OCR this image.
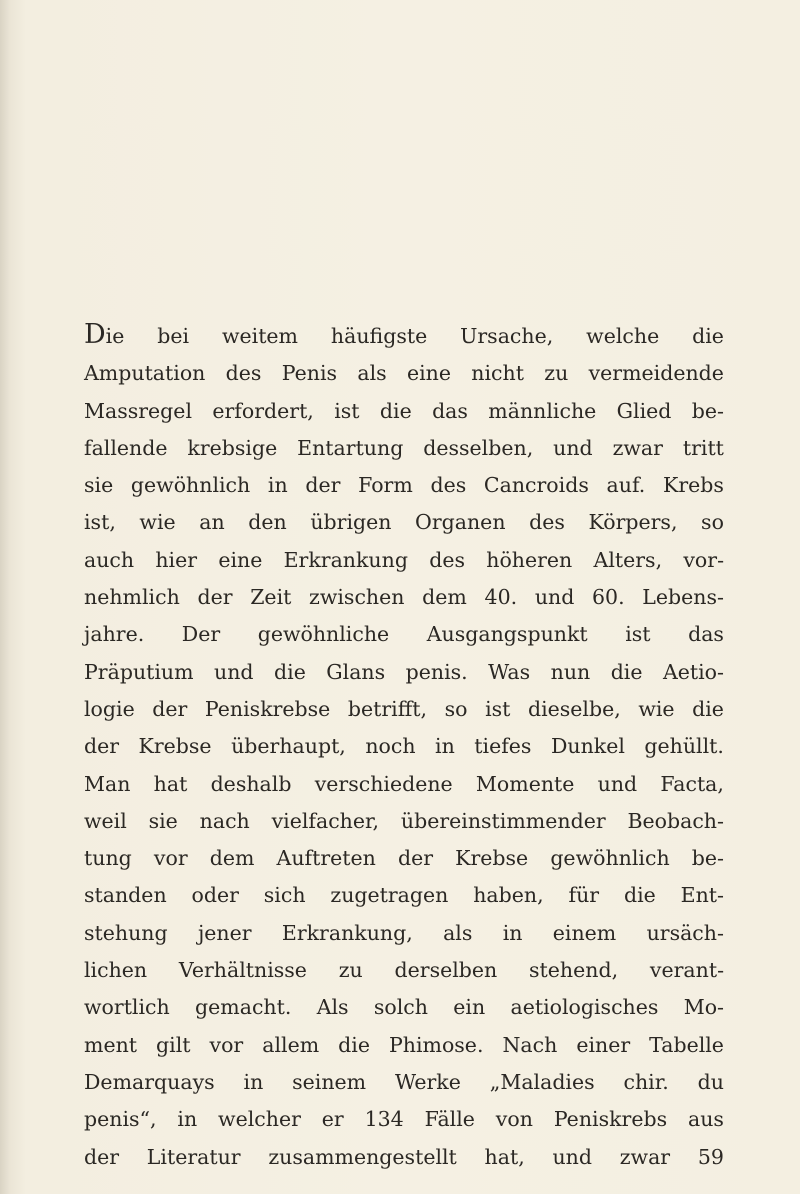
Die bei weitem häufigste Ursache, welche die
Amputation des Penis als eine nicht zu vermeidende
Massregel erfordert, ist die das männliche Glied be-
fallende krebsige Entartung desselben, und zwar tritt
sie gewöhnlich in der Form des Cancroids auf. Krebs
ist, wie an den übrigen Organen des Körpers, so
auch hier eine Erkrankung des höheren Alters, vor-
nehmlich der Zeit zwischen dem 40. und 60. Lebens-
jahre. Der gewöhnliche Ausgangspunkt ist das
Präputium und die Glans penis. Was nun die Aetio-
logie der Peniskrebse betrifft, so ist dieselbe, wie die
der Krebse überhaupt, noch in tiefes Dunkel gehüllt.
Man hat deshalb verschiedene Momente und Facta,
weil sie nach vielfacher, übereinstimmender Beobach-
tung vor dem Auftreten der Krebse gewöhnlich be-
standen oder sich zugetragen haben, für die Ent-
stehung jener Erkrankung, als in einem ursäch-
lichen Verhältnisse zu derselben stehend, verant-
wortlich gemacht. Als solch ein aetiologisches Mo-
ment gilt vor allem die Phimose. Nach einer Tabelle
Demarquays in seinem Werke „Maladies chir. du
penis“, in welcher er 134 Fälle von Peniskrebs aus
der Literatur zusammengestellt hat, und zwar 59
